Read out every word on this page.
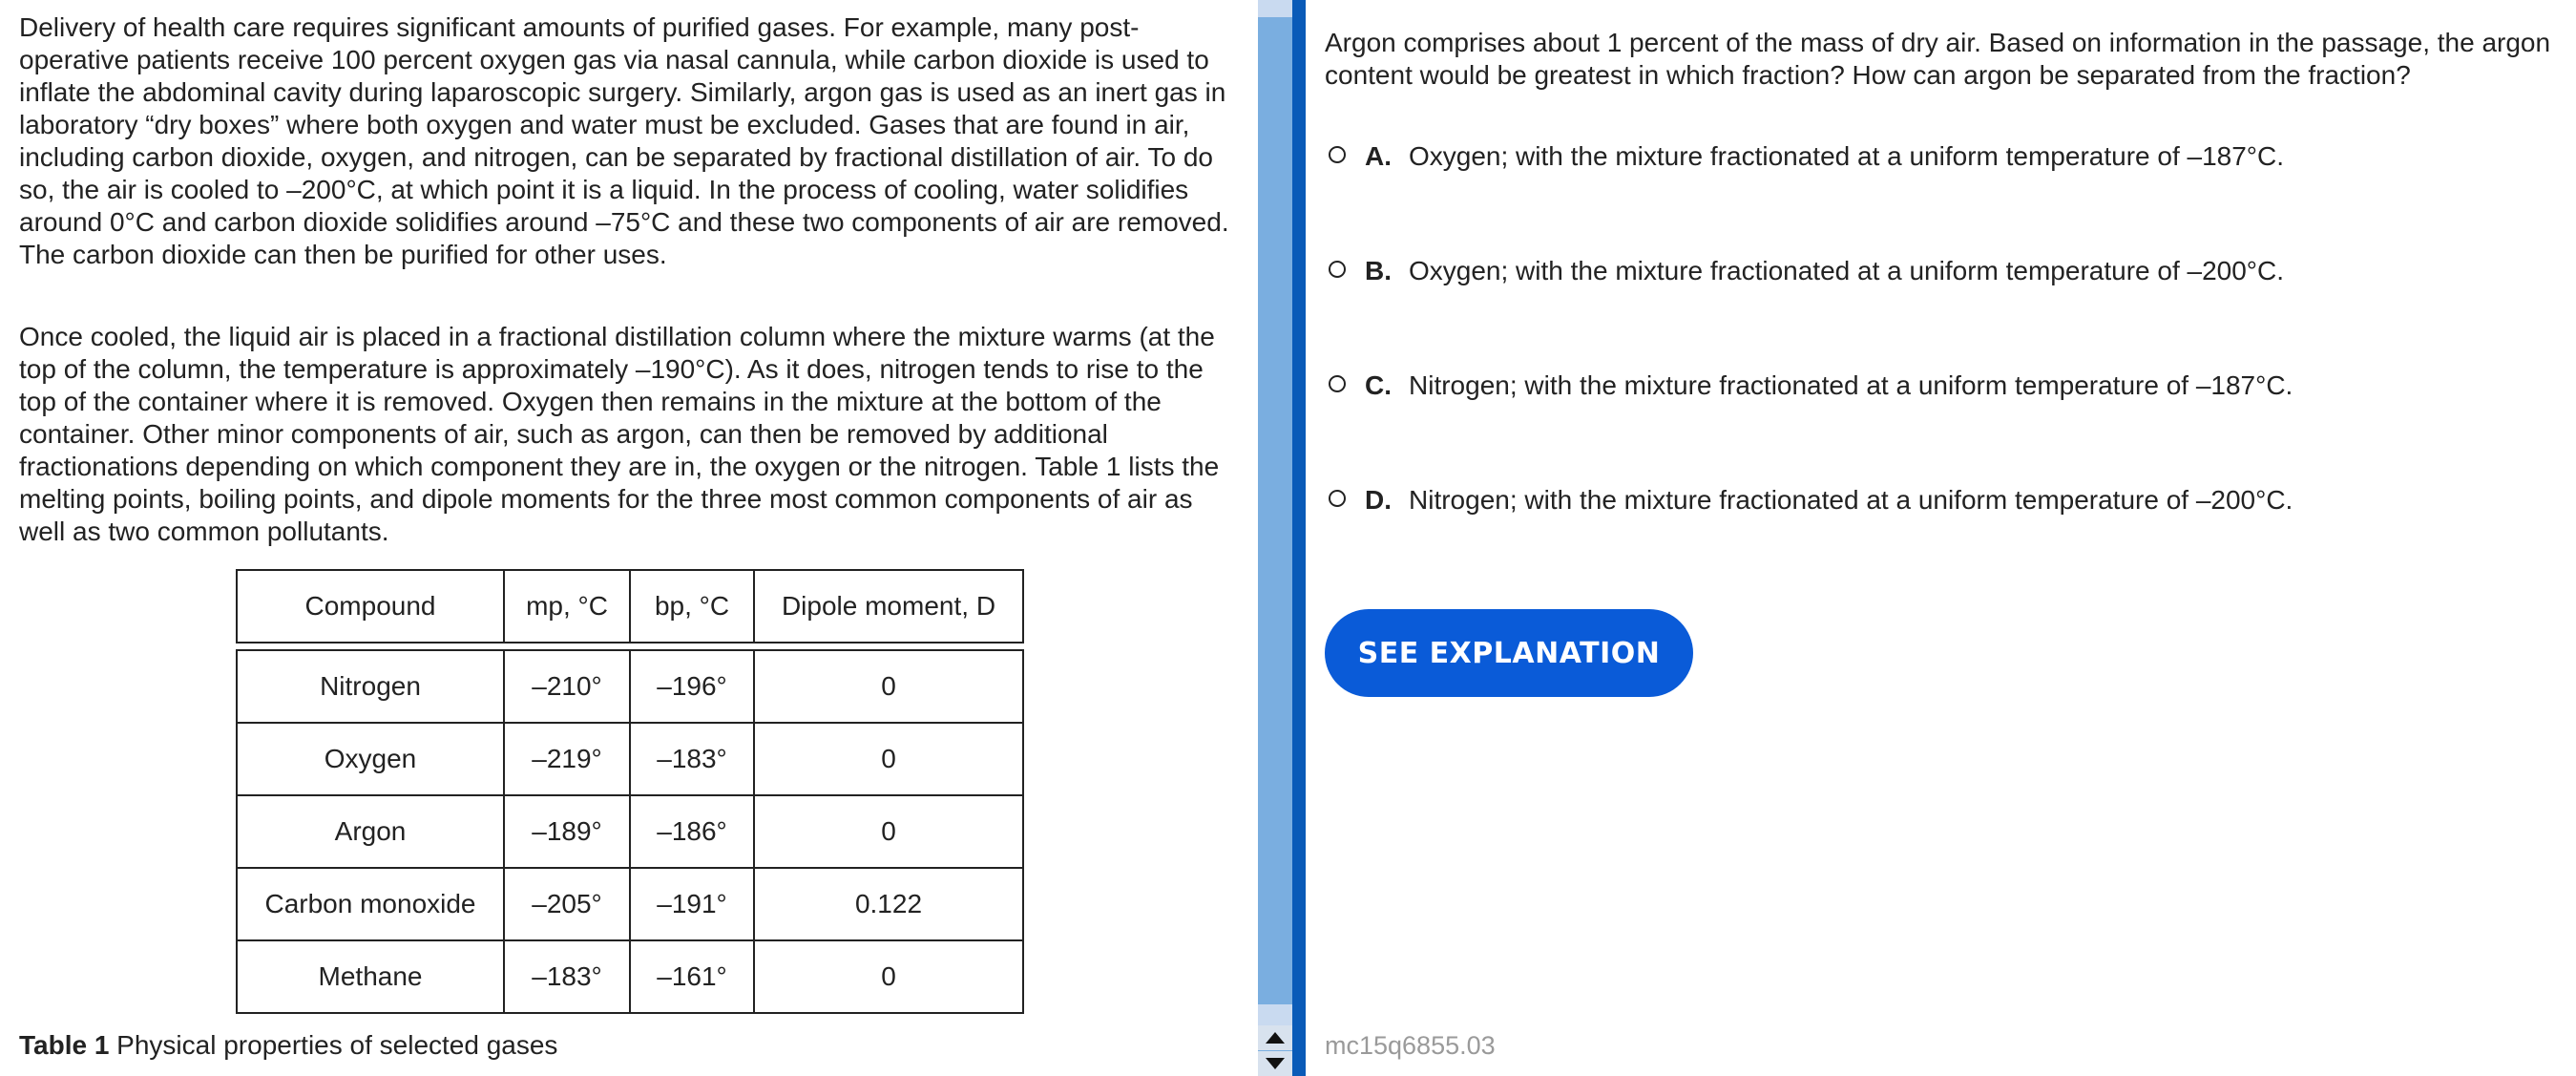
Delivery of health care requires significant amounts of purified gases. For example, many post-operative patients receive 100 percent oxygen gas via nasal cannula, while carbon dioxide is used to inflate the abdominal cavity during laparoscopic surgery. Similarly, argon gas is used as an inert gas in laboratory “dry boxes” where both oxygen and water must be excluded. Gases that are found in air, including carbon dioxide, oxygen, and nitrogen, can be separated by fractional distillation of air. To do so, the air is cooled to –200°C, at which point it is a liquid. In the process of cooling, water solidifies around 0°C and carbon dioxide solidifies around –75°C and these two components of air are removed. The carbon dioxide can then be purified for other uses.

Once cooled, the liquid air is placed in a fractional distillation column where the mixture warms (at the top of the column, the temperature is approximately –190°C). As it does, nitrogen tends to rise to the top of the container where it is removed. Oxygen then remains in the mixture at the bottom of the container. Other minor components of air, such as argon, can then be removed by additional fractionations depending on which component they are in, the oxygen or the nitrogen. Table 1 lists the melting points, boiling points, and dipole moments for the three most common components of air as well as two common pollutants.

Compound	mp, °C	bp, °C	Dipole moment, D

Nitrogen	–210°	–196°	0
Oxygen	–219°	–183°	0
Argon	–189°	–186°	0
Carbon monoxide	–205°	–191°	0.122
Methane	–183°	–161°	0
Table 1 Physical properties of selected gases

Argon comprises about 1 percent of the mass of dry air. Based on information in the passage, the argon content would be greatest in which fraction? How can argon be separated from the fraction?

A. Oxygen; with the mixture fractionated at a uniform temperature of –187°C.
B. Oxygen; with the mixture fractionated at a uniform temperature of –200°C.
C. Nitrogen; with the mixture fractionated at a uniform temperature of –187°C.
D. Nitrogen; with the mixture fractionated at a uniform temperature of –200°C.
SEE EXPLANATION
mc15q6855.03
